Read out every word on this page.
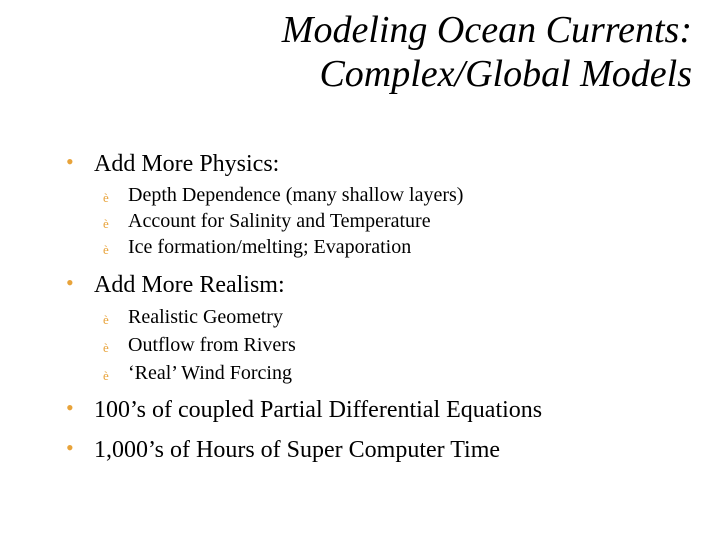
Modeling Ocean Currents:
Complex/Global Models
• Add More Physics:
è Depth Dependence (many shallow layers)
è Account for Salinity and Temperature
è Ice formation/melting; Evaporation
• Add More Realism:
è Realistic Geometry
è Outflow from Rivers
è ‘Real’ Wind Forcing
• 100’s of coupled Partial Differential Equations
• 1,000’s of Hours of Super Computer Time
